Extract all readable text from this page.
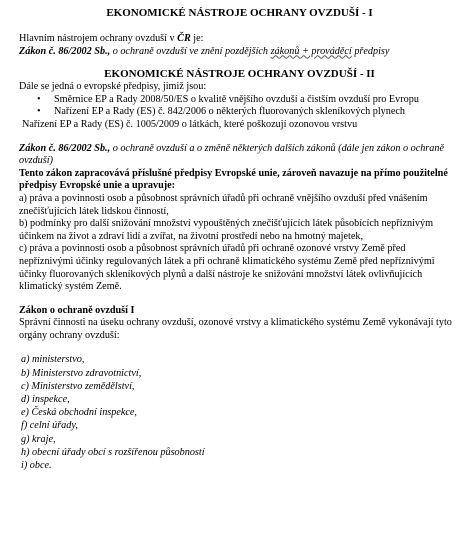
EKONOMICKÉ NÁSTROJE OCHRANY OVZDUŠÍ - I

Hlavním nástrojem ochrany ovzduší v ČR je:

Zákon č. 86/2002 Sb., o ochraně ovzduší ve znění pozdějších zákonů + prováděcí předpisy

EKONOMICKÉ NÁSTROJE OCHRANY OVZDUŠÍ - II

Dále se jedná o evropské předpisy, jimiž jsou:

• Směrnice EP a Rady 2008/50/ES o kvalitě vnějšího ovzduší a čistším ovzduší pro Evropu
• Nařízení EP a Rady (ES) č. 842/2006 o některých fluorovaných skleníkových plynech

Nařízení EP a Rady (ES) č. 1005/2009 o látkách, které poškozují ozonovou vrstvu

Zákon č. 86/2002 Sb., o ochraně ovzduší a o změně některých dalších zákonů (dále jen zákon o ochraně ovzduší)

Tento zákon zapracovává příslušné předpisy Evropské unie, zároveň navazuje na přímo použitelné předpisy Evropské unie a upravuje:

a) práva a povinnosti osob a působnost správních úřadů při ochraně vnějšího ovzduší před vnášením znečišťujících látek lidskou činností,

b) podmínky pro další snižování množství vypouštěných znečišťujících látek působících nepříznivým účinkem na život a zdraví lidí a zvířat, na životní prostředí nebo na hmotný majetek,

c) práva a povinnosti osob a působnost správních úřadů při ochraně ozonové vrstvy Země před nepříznivými účinky regulovaných látek a při ochraně klimatického systému Země před nepříznivými účinky fluorovaných skleníkových plynů a další nástroje ke snižování množství látek ovlivňujících klimatický systém Země.

Zákon o ochraně ovzduší I

Správní činnosti na úseku ochrany ovzduší, ozonové vrstvy a klimatického systému Země vykonávají tyto orgány ochrany ovzduší:

a) ministerstvo,
b) Ministerstvo zdravotnictví,
c) Ministerstvo zemědělství,
d) inspekce,
e) Česká obchodní inspekce,
f) celní úřady,
g) kraje,
h) obecní úřady obcí s rozšířenou působností
i) obce.
